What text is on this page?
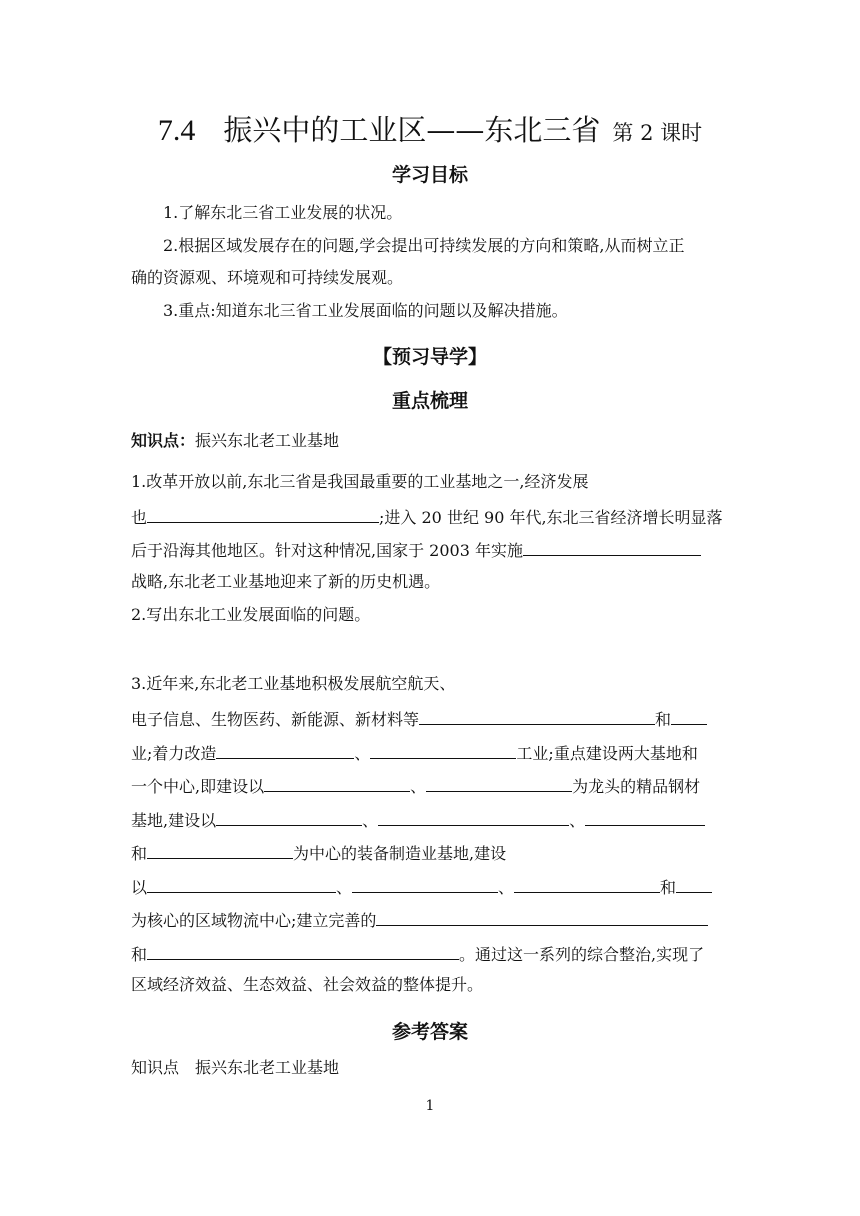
7.4 振兴中的工业区——东北三省 第 2 课时
学习目标
1.了解东北三省工业发展的状况。
2.根据区域发展存在的问题,学会提出可持续发展的方向和策略,从而树立正
确的资源观、环境观和可持续发展观。
3.重点:知道东北三省工业发展面临的问题以及解决措施。
【预习导学】
重点梳理
知识点：振兴东北老工业基地
1.改革开放以前,东北三省是我国最重要的工业基地之一,经济发展
也	;进入 20 世纪 90 年代,东北三省经济增长明显落
后于沿海其他地区。针对这种情况,国家于 2003 年实施
战略,东北老工业基地迎来了新的历史机遇。
2.写出东北工业发展面临的问题。
3.近年来,东北老工业基地积极发展航空航天、
电子信息、生物医药、新能源、新材料等	和
业;着力改造	、	工业;重点建设两大基地和
一个中心,即建设以	、	为龙头的精品钢材
基地,建设以	、	、
和	为中心的装备制造业基地,建设
以	、	、	和
为核心的区域物流中心;建立完善的
和	。通过这一系列的综合整治,实现了
区域经济效益、生态效益、社会效益的整体提升。
参考答案
知识点　振兴东北老工业基地
1
